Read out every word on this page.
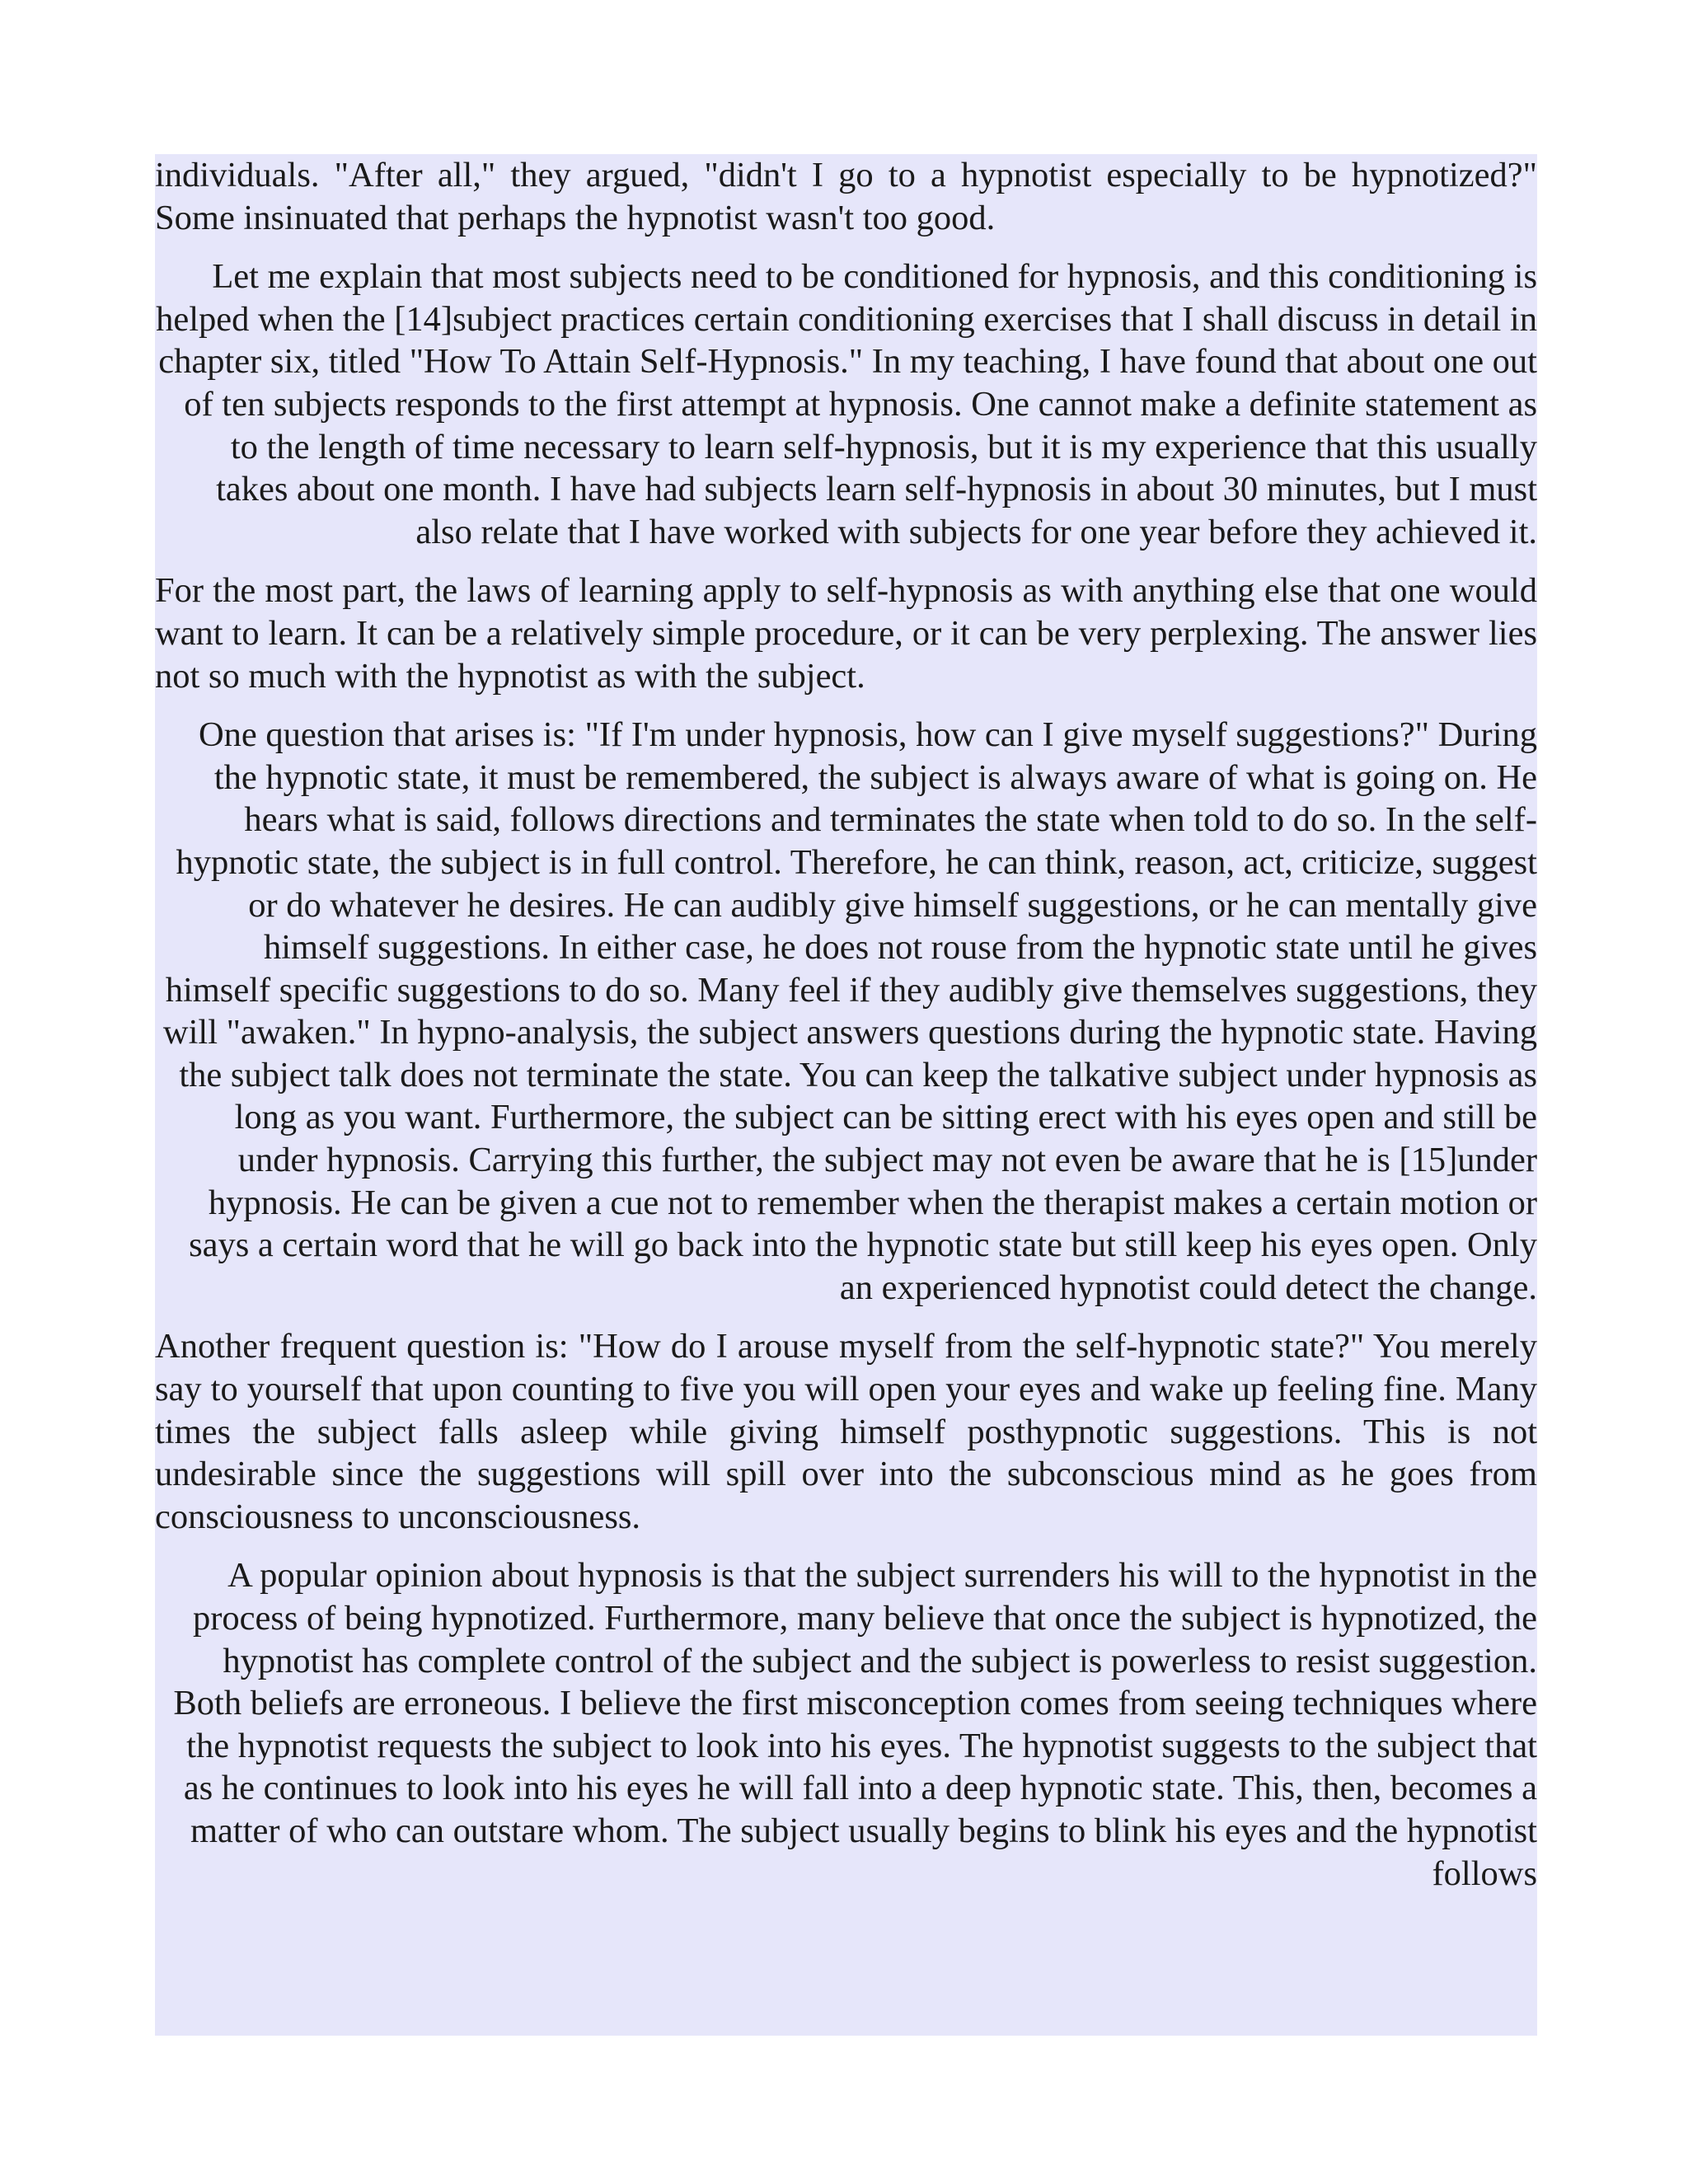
individuals. "After all," they argued, "didn't I go to a hypnotist especially to be hypnotized?" Some insinuated that perhaps the hypnotist wasn't too good.

Let me explain that most subjects need to be conditioned for hypnosis, and this conditioning is helped when the [14]subject practices certain conditioning exercises that I shall discuss in detail in chapter six, titled "How To Attain Self-Hypnosis." In my teaching, I have found that about one out of ten subjects responds to the first attempt at hypnosis. One cannot make a definite statement as to the length of time necessary to learn self-hypnosis, but it is my experience that this usually takes about one month. I have had subjects learn self-hypnosis in about 30 minutes, but I must also relate that I have worked with subjects for one year before they achieved it.

For the most part, the laws of learning apply to self-hypnosis as with anything else that one would want to learn. It can be a relatively simple procedure, or it can be very perplexing. The answer lies not so much with the hypnotist as with the subject.

One question that arises is: "If I'm under hypnosis, how can I give myself suggestions?" During the hypnotic state, it must be remembered, the subject is always aware of what is going on. He hears what is said, follows directions and terminates the state when told to do so. In the self-hypnotic state, the subject is in full control. Therefore, he can think, reason, act, criticize, suggest or do whatever he desires. He can audibly give himself suggestions, or he can mentally give himself suggestions. In either case, he does not rouse from the hypnotic state until he gives himself specific suggestions to do so. Many feel if they audibly give themselves suggestions, they will "awaken." In hypno-analysis, the subject answers questions during the hypnotic state. Having the subject talk does not terminate the state. You can keep the talkative subject under hypnosis as long as you want. Furthermore, the subject can be sitting erect with his eyes open and still be under hypnosis. Carrying this further, the subject may not even be aware that he is [15]under hypnosis. He can be given a cue not to remember when the therapist makes a certain motion or says a certain word that he will go back into the hypnotic state but still keep his eyes open. Only an experienced hypnotist could detect the change.

Another frequent question is: "How do I arouse myself from the self-hypnotic state?" You merely say to yourself that upon counting to five you will open your eyes and wake up feeling fine. Many times the subject falls asleep while giving himself posthypnotic suggestions. This is not undesirable since the suggestions will spill over into the subconscious mind as he goes from consciousness to unconsciousness.

A popular opinion about hypnosis is that the subject surrenders his will to the hypnotist in the process of being hypnotized. Furthermore, many believe that once the subject is hypnotized, the hypnotist has complete control of the subject and the subject is powerless to resist suggestion. Both beliefs are erroneous. I believe the first misconception comes from seeing techniques where the hypnotist requests the subject to look into his eyes. The hypnotist suggests to the subject that as he continues to look into his eyes he will fall into a deep hypnotic state. This, then, becomes a matter of who can outstare whom. The subject usually begins to blink his eyes and the hypnotist follows
